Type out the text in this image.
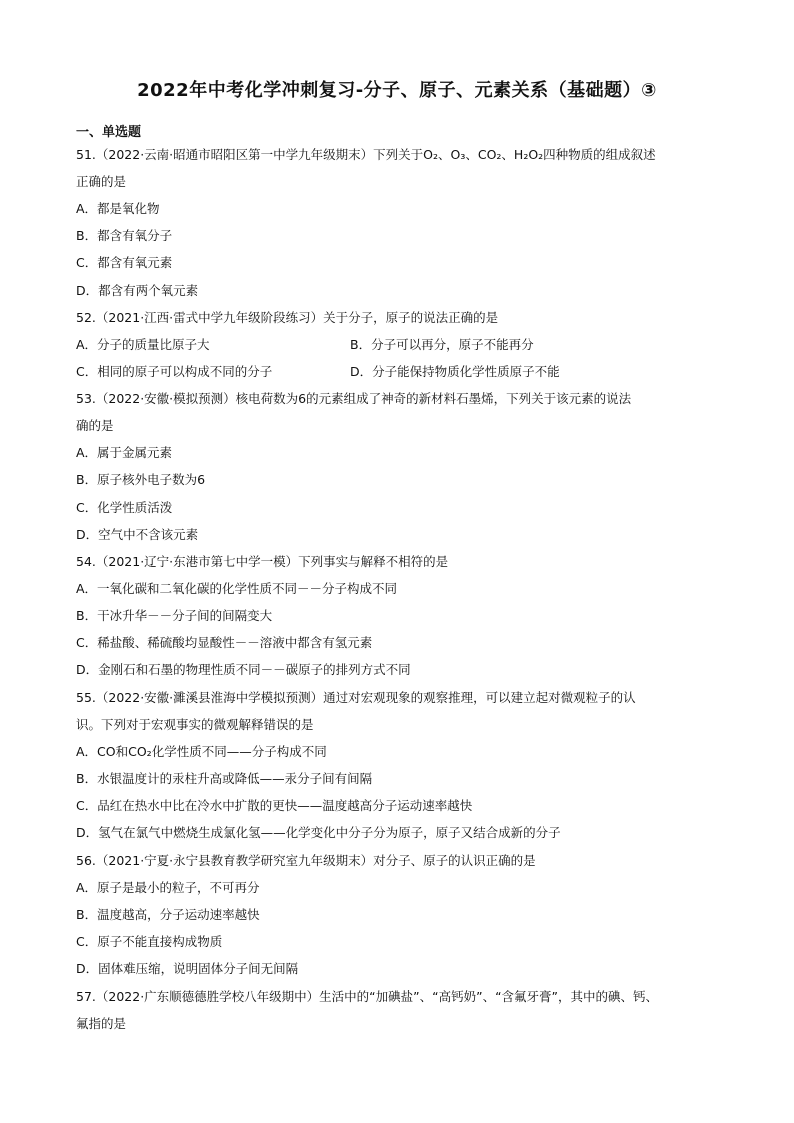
2022年中考化学冲刺复习-分子、原子、元素关系（基础题）③
一、单选题
51.（2022·云南·昭通市昭阳区第一中学九年级期末）下列关于O₂、O₃、CO₂、H₂O₂四种物质的组成叙述
正确的是
A．都是氧化物
B．都含有氧分子
C．都含有氧元素
D．都含有两个氧元素
52.（2021·江西·雷式中学九年级阶段练习）关于分子，原子的说法正确的是
A．分子的质量比原子大	B．分子可以再分，原子不能再分
C．相同的原子可以构成不同的分子	D．分子能保持物质化学性质原子不能
53.（2022·安徽·模拟预测）核电荷数为6的元素组成了神奇的新材料石墨烯，下列关于该元素的说法
确的是
A．属于金属元素
B．原子核外电子数为6
C．化学性质活泼
D．空气中不含该元素
54.（2021·辽宁·东港市第七中学一模）下列事实与解释不相符的是
A．一氧化碳和二氧化碳的化学性质不同－－分子构成不同
B．干冰升华－－分子间的间隔变大
C．稀盐酸、稀硫酸均显酸性－－溶液中都含有氢元素
D．金刚石和石墨的物理性质不同－－碳原子的排列方式不同
55.（2022·安徽·濉溪县淮海中学模拟预测）通过对宏观现象的观察推理，可以建立起对微观粒子的认
识。下列对于宏观事实的微观解释错误的是
A．CO和CO₂化学性质不同——分子构成不同
B．水银温度计的汞柱升高或降低——汞分子间有间隔
C．品红在热水中比在冷水中扩散的更快——温度越高分子运动速率越快
D．氢气在氯气中燃烧生成氯化氢——化学变化中分子分为原子，原子又结合成新的分子
56.（2021·宁夏·永宁县教育教学研究室九年级期末）对分子、原子的认识正确的是
A．原子是最小的粒子，不可再分
B．温度越高，分子运动速率越快
C．原子不能直接构成物质
D．固体难压缩，说明固体分子间无间隔
57.（2022·广东顺德德胜学校八年级期中）生活中的“加碘盐”、“高钙奶”、“含氟牙膏”，其中的碘、钙、
氟指的是
